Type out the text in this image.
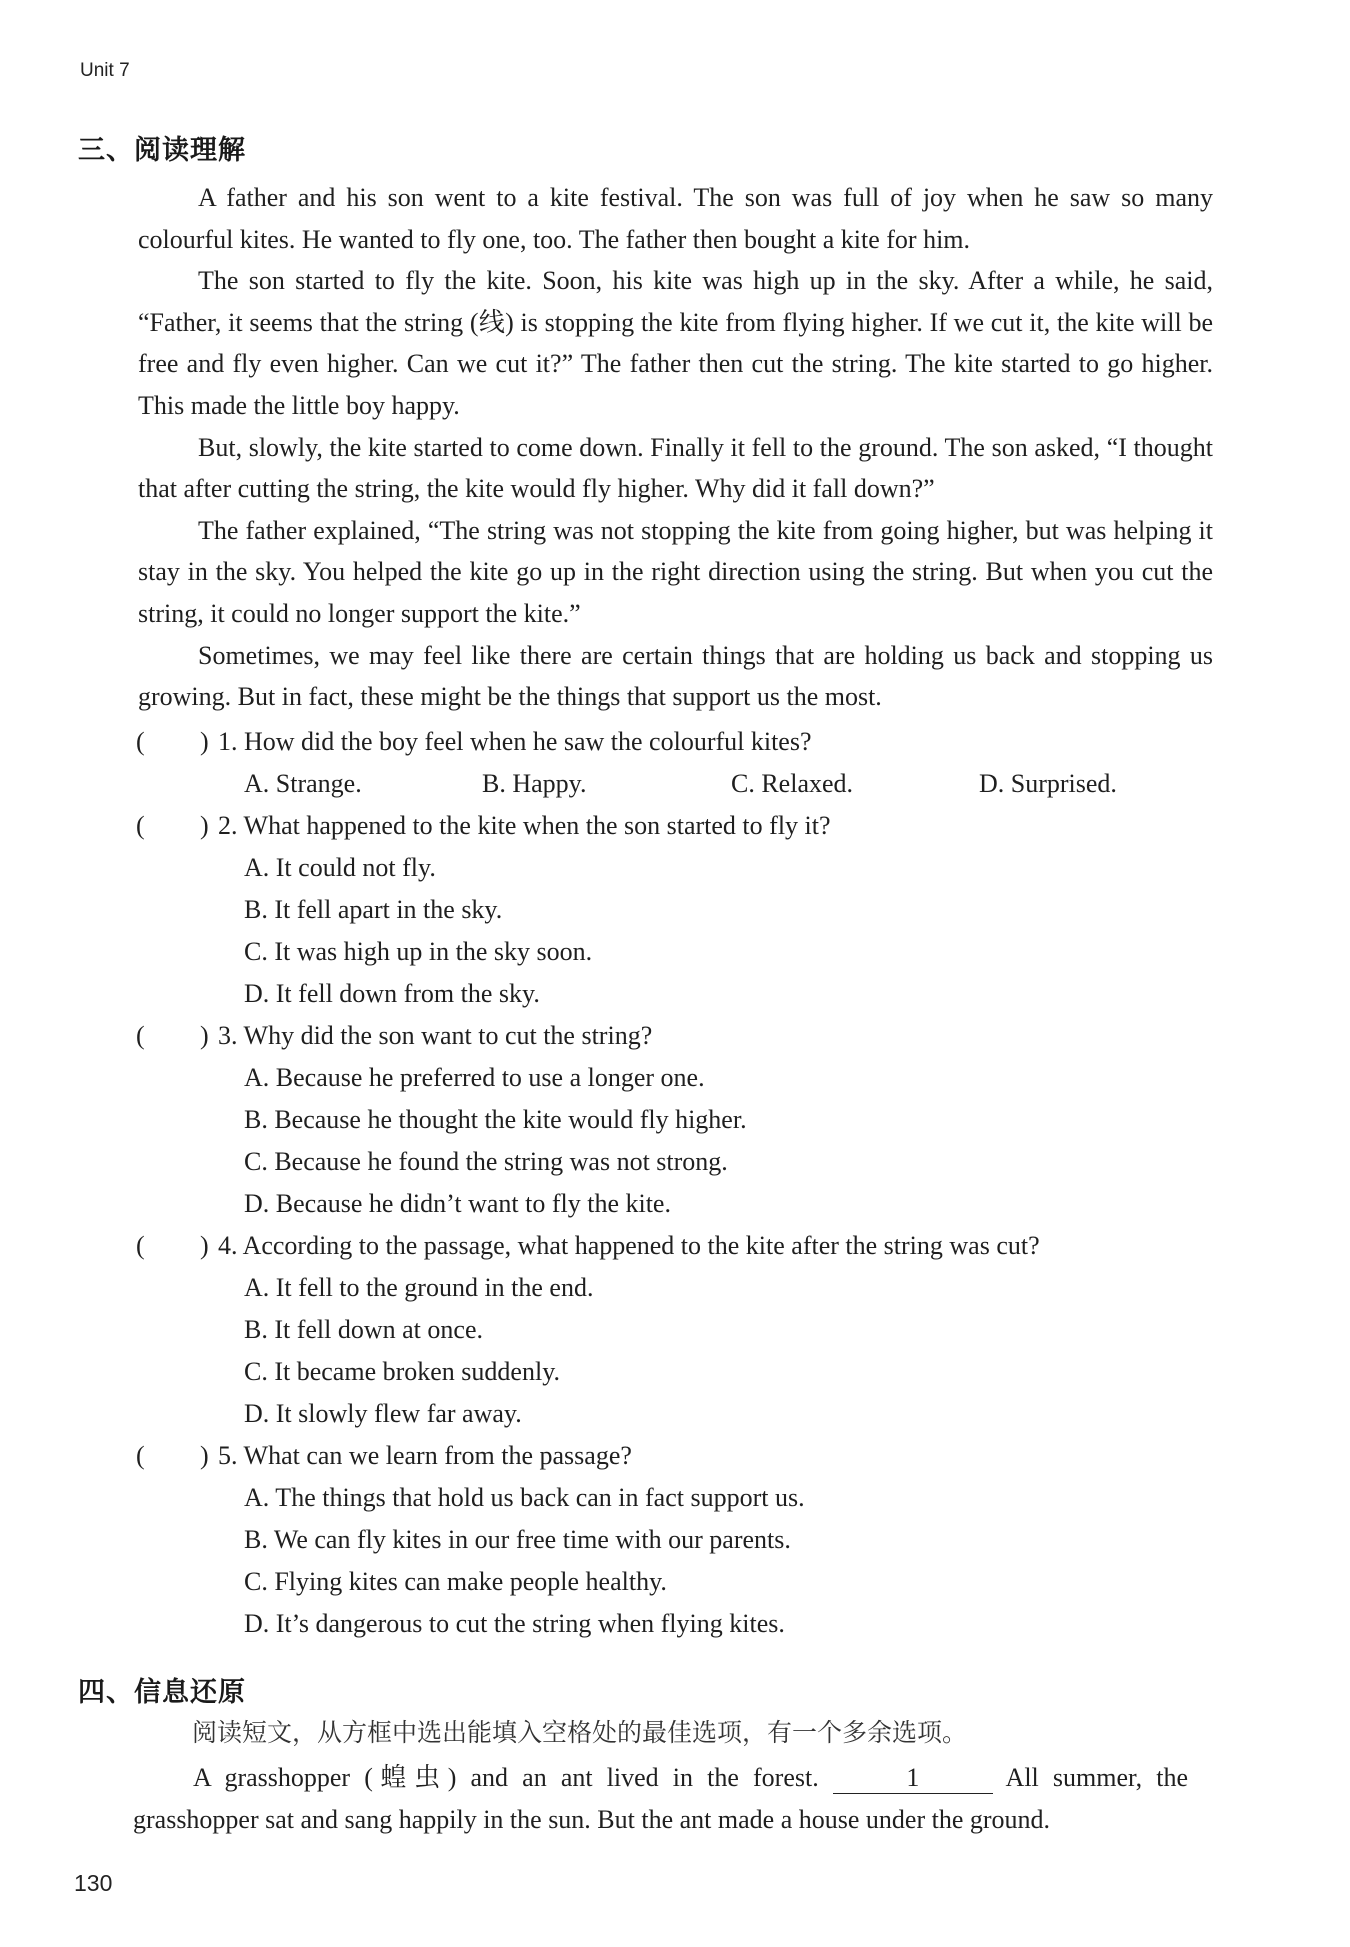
Unit 7
三、阅读理解

A father and his son went to a kite festival. The son was full of joy when he saw so many colourful kites. He wanted to fly one, too. The father then bought a kite for him.

The son started to fly the kite. Soon, his kite was high up in the sky. After a while, he said, “Father, it seems that the string (线) is stopping the kite from flying higher. If we cut it, the kite will be free and fly even higher. Can we cut it?” The father then cut the string. The kite started to go higher. This made the little boy happy.

But, slowly, the kite started to come down. Finally it fell to the ground. The son asked, “I thought that after cutting the string, the kite would fly higher. Why did it fall down?”

The father explained, “The string was not stopping the kite from going higher, but was helping it stay in the sky. You helped the kite go up in the right direction using the string. But when you cut the string, it could no longer support the kite.”

Sometimes, we may feel like there are certain things that are holding us back and stopping us growing. But in fact, these might be the things that support us the most.

( ) 1. How did the boy feel when he saw the colourful kites?
A. Strange.	B. Happy.	C. Relaxed.	D. Surprised.
( ) 2. What happened to the kite when the son started to fly it?
A. It could not fly.
B. It fell apart in the sky.
C. It was high up in the sky soon.
D. It fell down from the sky.
( ) 3. Why did the son want to cut the string?
A. Because he preferred to use a longer one.
B. Because he thought the kite would fly higher.
C. Because he found the string was not strong.
D. Because he didn’t want to fly the kite.
( ) 4. According to the passage, what happened to the kite after the string was cut?
A. It fell to the ground in the end.
B. It fell down at once.
C. It became broken suddenly.
D. It slowly flew far away.
( ) 5. What can we learn from the passage?
A. The things that hold us back can in fact support us.
B. We can fly kites in our free time with our parents.
C. Flying kites can make people healthy.
D. It’s dangerous to cut the string when flying kites.
四、信息还原
阅读短文，从方框中选出能填入空格处的最佳选项，有一个多余选项。

A grasshopper (蝗虫) and an ant lived in the forest.	1	All summer, the grasshopper sat and sang happily in the sun. But the ant made a house under the ground.

130
